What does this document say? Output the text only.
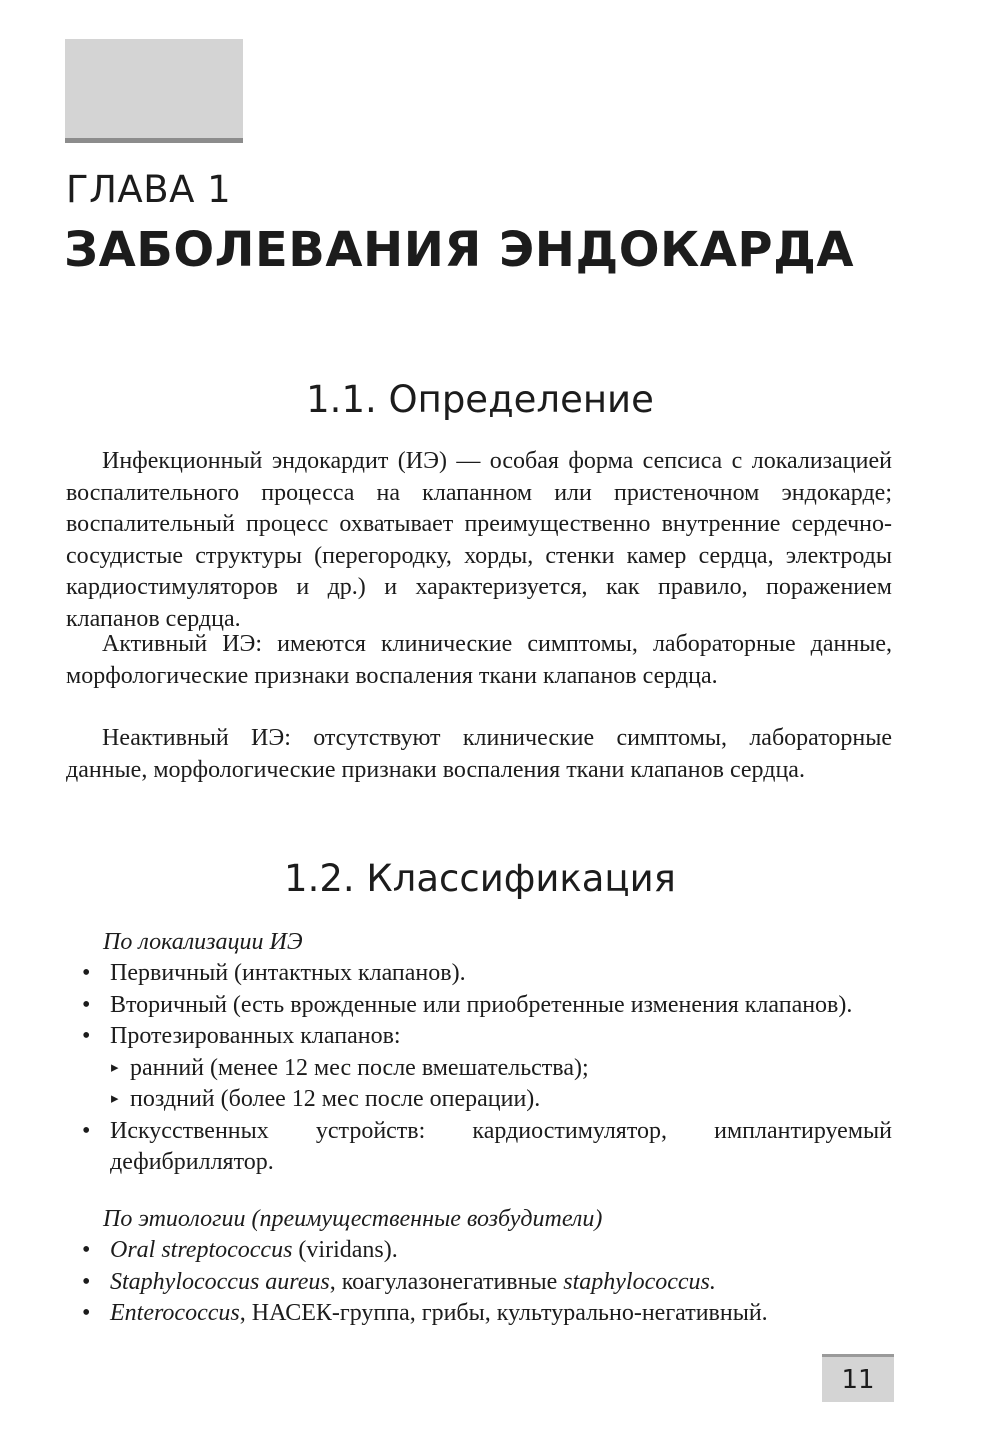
ГЛАВА 1
ЗАБОЛЕВАНИЯ ЭНДОКАРДА
1.1. Определение

Инфекционный эндокардит (ИЭ) — особая форма сепсиса с локализацией воспалительного процесса на клапанном или пристеночном эндокарде; воспалительный процесс охватывает преимущественно внутренние сердечно-сосудистые структуры (перегородку, хорды, стенки камер сердца, электроды кардиостимуляторов и др.) и характеризуется, как правило, поражением клапанов сердца.

Активный ИЭ: имеются клинические симптомы, лабораторные данные, морфологические признаки воспаления ткани клапанов сердца.

Неактивный ИЭ: отсутствуют клинические симптомы, лабораторные данные, морфологические признаки воспаления ткани клапанов сердца.

1.2. Классификация

По локализации ИЭ

• Первичный (интактных клапанов).
• Вторичный (есть врожденные или приобретенные изменения клапанов).
• Протезированных клапанов:
▸ ранний (менее 12 мес после вмешательства);
▸ поздний (более 12 мес после операции).
• Искусственных устройств: кардиостимулятор, имплантируемый дефибриллятор.

По этиологии (преимущественные возбудители)

• Oral streptococcus (viridans).
• Staphylococcus aureus, коагулазонегативные staphylococcus.
• Enterococcus, НАСЕК-группа, грибы, культурально-негативный.
11
